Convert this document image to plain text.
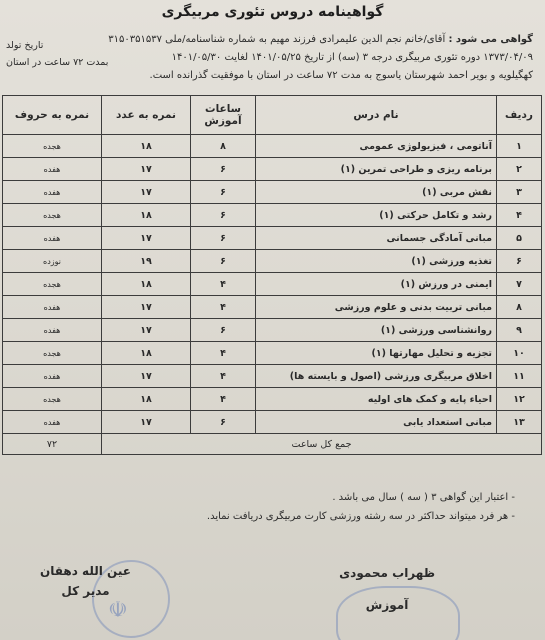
گواهینامه دروس تئوری مربیگری
گواهی می شود : آقای/خانم نجم الدین علیمرادی فرزند مهیم به شماره شناسنامه/ملی ۳۱۵۰۳۵۱۵۳۷
۱۳۷۳/۰۴/۰۹ دوره تئوری مربیگری درجه ۳ (سه) از تاریخ ۱۴۰۱/۰۵/۲۵ لغایت ۱۴۰۱/۰۵/۳۰
کهگیلویه و بویر احمد شهرستان یاسوج به مدت ۷۲ ساعت در استان با موفقیت گذرانده است.
تاریخ تولد
بمدت ۷۲ ساعت در استان
ردیف	نام درس	ساعات آموزش	نمره به عدد	نمره به حروف
۱	آناتومی ، فیزیولوژی عمومی	۸	۱۸	هجده
۲	برنامه ریزی و طراحی تمرین (۱)	۶	۱۷	هفده
۳	نقش مربی (۱)	۶	۱۷	هفده
۴	رشد و تکامل حرکتی (۱)	۶	۱۸	هجده
۵	مبانی آمادگی جسمانی	۶	۱۷	هفده
۶	تغذیه ورزشی (۱)	۶	۱۹	نوزده
۷	ایمنی در ورزش (۱)	۴	۱۸	هجده
۸	مبانی تربیت بدنی و علوم ورزشی	۴	۱۷	هفده
۹	روانشناسی ورزشی (۱)	۶	۱۷	هفده
۱۰	تجزیه و تحلیل مهارتها (۱)	۴	۱۸	هجده
۱۱	اخلاق مربیگری ورزشی (اصول و بایسته ها)	۴	۱۷	هفده
۱۲	احیاء پایه و کمک های اولیه	۴	۱۸	هجده
۱۳	مبانی استعداد یابی	۶	۱۷	هفده
جمع کل ساعت				۷۲
- اعتبار این گواهی ۳ ( سه ) سال می باشد .
- هر فرد میتواند حداکثر در سه رشته ورزشی کارت مربیگری دریافت نماید.
☫
ظهراب محمودی
آموزش
عین الله دهقان
مدیر کل
